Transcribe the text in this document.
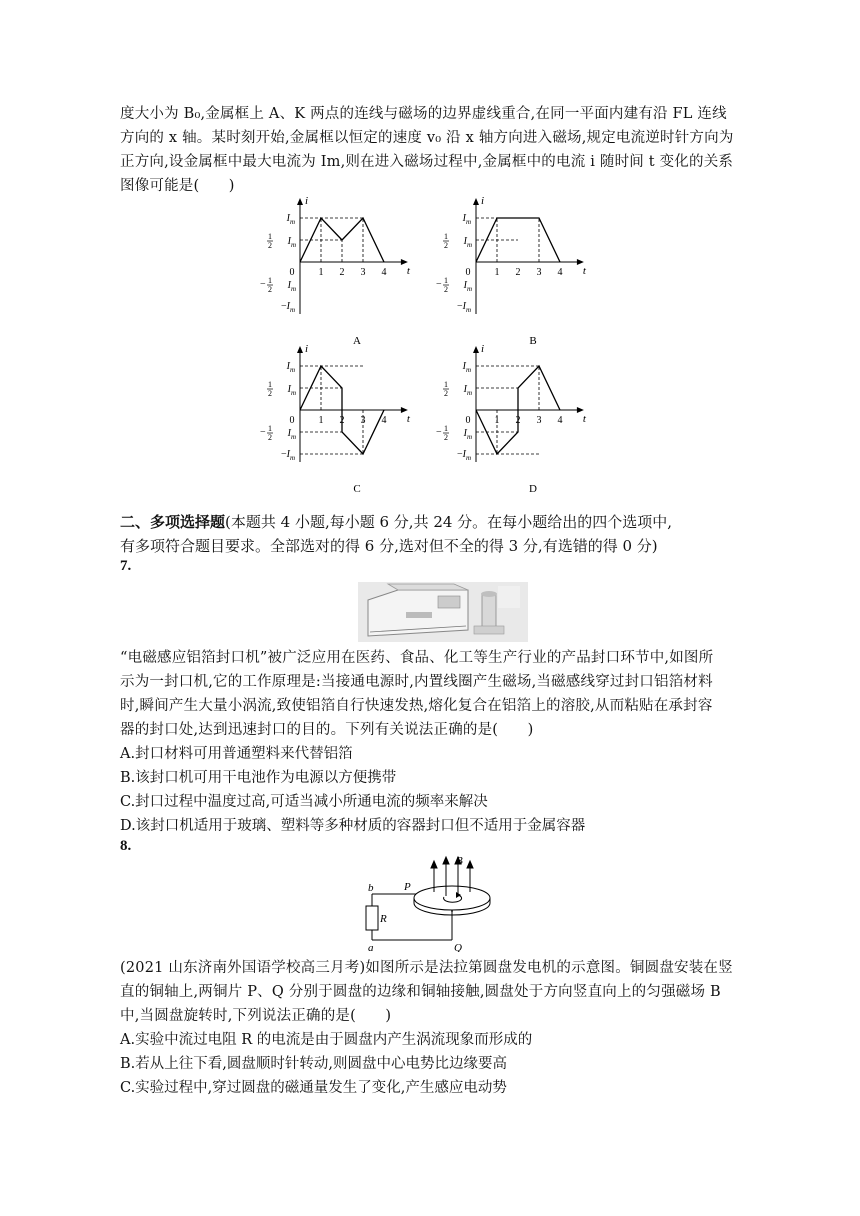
度大小为 B₀,金属框上 A、K 两点的连线与磁场的边界虚线重合,在同一平面内建有沿 FL 连线
方向的 x 轴。某时刻开始,金属框以恒定的速度 v₀ 沿 x 轴方向进入磁场,规定电流逆时针方向为
正方向,设金属框中最大电流为 Im,则在进入磁场过程中,金属框中的电流 i 随时间 t 变化的关系
图像可能是(　　)
i
t
0 1 2 3 4
$I_m$
1
2 $I_m$
− 1
2 $I_m$
$-I_m$
A
i
t
0 1 2 3 4
$I_m$
1
2 $I_m$
− 1
2 $I_m$
$-I_m$
B
i
t
0 1 2 3 4
$I_m$
1
2 $I_m$
− 1
2 $I_m$
$-I_m$
C
i
t
0 1 2 3 4
$I_m$
1
2 $I_m$
− 1
2 $I_m$
$-I_m$
D
二、多项选择题(本题共 4 小题,每小题 6 分,共 24 分。在每小题给出的四个选项中,
有多项符合题目要求。全部选对的得 6 分,选对但不全的得 3 分,有选错的得 0 分)
7.
“电磁感应铝箔封口机”被广泛应用在医药、食品、化工等生产行业的产品封口环节中,如图所
示为一封口机,它的工作原理是:当接通电源时,内置线圈产生磁场,当磁感线穿过封口铝箔材料
时,瞬间产生大量小涡流,致使铝箔自行快速发热,熔化复合在铝箔上的溶胶,从而粘贴在承封容
器的封口处,达到迅速封口的目的。下列有关说法正确的是(　　)
A.封口材料可用普通塑料来代替铝箔
B.该封口机可用干电池作为电源以方便携带
C.封口过程中温度过高,可适当减小所通电流的频率来解决
D.该封口机适用于玻璃、塑料等多种材质的容器封口但不适用于金属容器
8.
b
a
R
P
Q
B
(2021 山东济南外国语学校高三月考)如图所示是法拉第圆盘发电机的示意图。铜圆盘安装在竖
直的铜轴上,两铜片 P、Q 分别于圆盘的边缘和铜轴接触,圆盘处于方向竖直向上的匀强磁场 B
中,当圆盘旋转时,下列说法正确的是(　　)
A.实验中流过电阻 R 的电流是由于圆盘内产生涡流现象而形成的
B.若从上往下看,圆盘顺时针转动,则圆盘中心电势比边缘要高
C.实验过程中,穿过圆盘的磁通量发生了变化,产生感应电动势
